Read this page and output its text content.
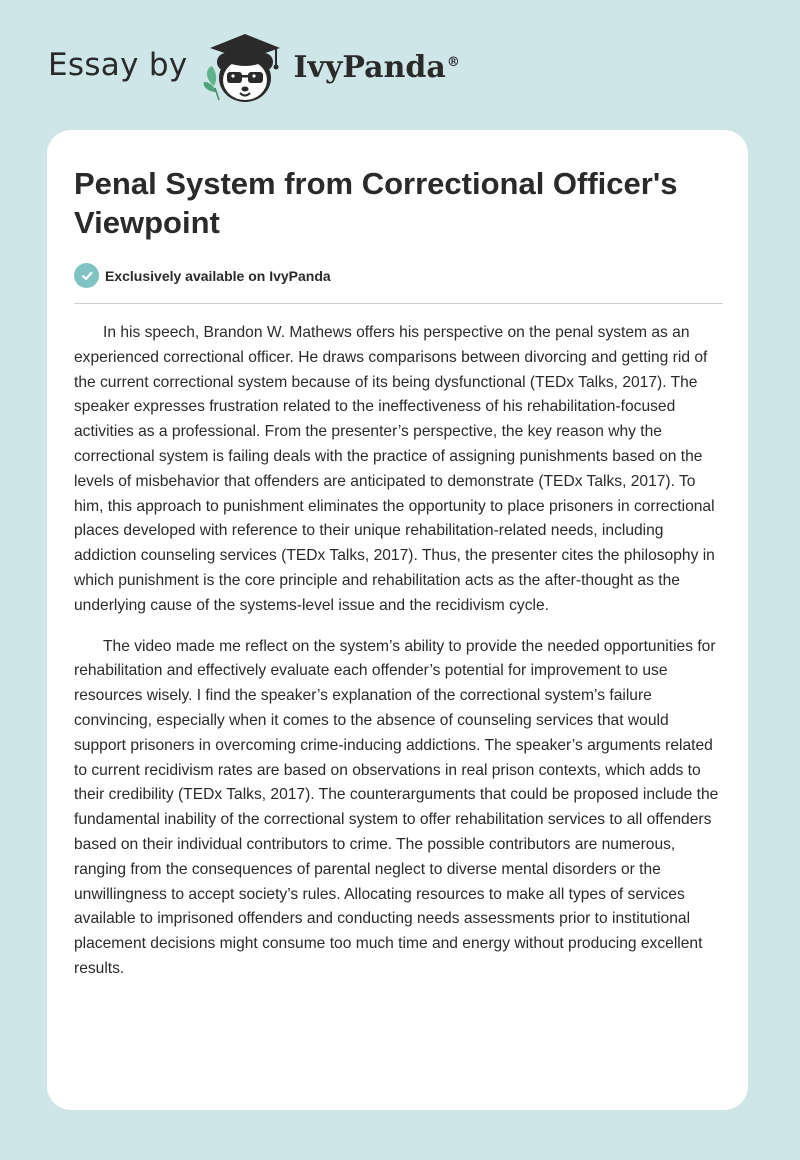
Essay by	IvyPanda®
Penal System from Correctional Officer's Viewpoint
Exclusively available on IvyPanda

In his speech, Brandon W. Mathews offers his perspective on the penal system as an experienced correctional officer. He draws comparisons between divorcing and getting rid of the current correctional system because of its being dysfunctional (TEDx Talks, 2017). The speaker expresses frustration related to the ineffectiveness of his rehabilitation-focused activities as a professional. From the presenter’s perspective, the key reason why the correctional system is failing deals with the practice of assigning punishments based on the levels of misbehavior that offenders are anticipated to demonstrate (TEDx Talks, 2017). To him, this approach to punishment eliminates the opportunity to place prisoners in correctional places developed with reference to their unique rehabilitation-related needs, including addiction counseling services (TEDx Talks, 2017). Thus, the presenter cites the philosophy in which punishment is the core principle and rehabilitation acts as the after-thought as the underlying cause of the systems-level issue and the recidivism cycle.

The video made me reflect on the system’s ability to provide the needed opportunities for rehabilitation and effectively evaluate each offender’s potential for improvement to use resources wisely. I find the speaker’s explanation of the correctional system’s failure convincing, especially when it comes to the absence of counseling services that would support prisoners in overcoming crime-inducing addictions. The speaker’s arguments related to current recidivism rates are based on observations in real prison contexts, which adds to their credibility (TEDx Talks, 2017). The counterarguments that could be proposed include the fundamental inability of the correctional system to offer rehabilitation services to all offenders based on their individual contributors to crime. The possible contributors are numerous, ranging from the consequences of parental neglect to diverse mental disorders or the unwillingness to accept society’s rules. Allocating resources to make all types of services available to imprisoned offenders and conducting needs assessments prior to institutional placement decisions might consume too much time and energy without producing excellent results.
